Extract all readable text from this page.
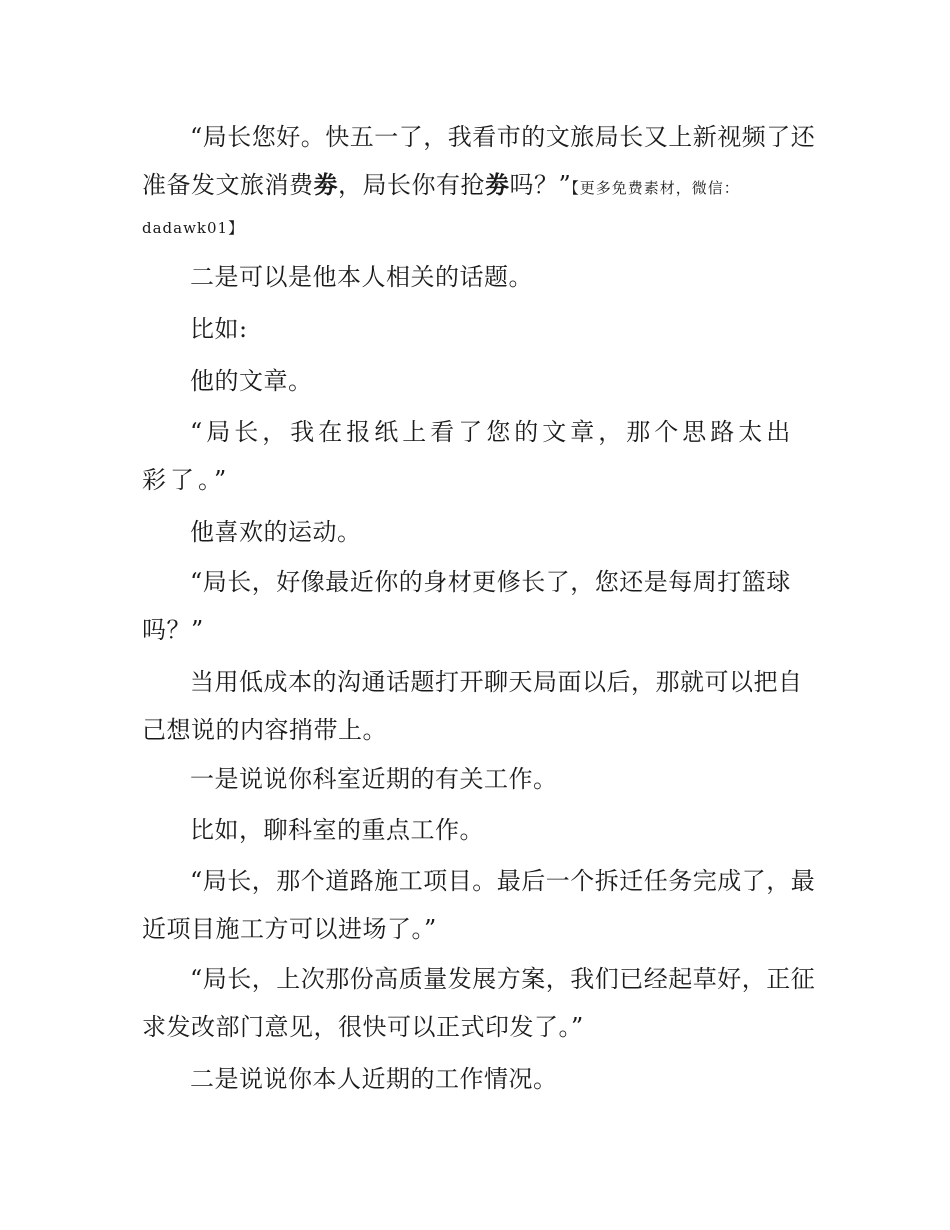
“局长您好。快五一了，我看市的文旅局长又上新视频了还准备发文旅消费劵，局长你有抢劵吗？”【更多免费素材，微信：
dadawk01】

二是可以是他本人相关的话题。

比如:

他的文章。

“局长，我在报纸上看了您的文章，那个思路太出彩了。”

他喜欢的运动。

“局长，好像最近你的身材更修长了，您还是每周打篮球吗？”

当用低成本的沟通话题打开聊天局面以后，那就可以把自己想说的内容捎带上。

一是说说你科室近期的有关工作。

比如，聊科室的重点工作。

“局长，那个道路施工项目。最后一个拆迁任务完成了，最近项目施工方可以进场了。”

“局长，上次那份高质量发展方案，我们已经起草好，正征求发改部门意见，很快可以正式印发了。”

二是说说你本人近期的工作情况。
